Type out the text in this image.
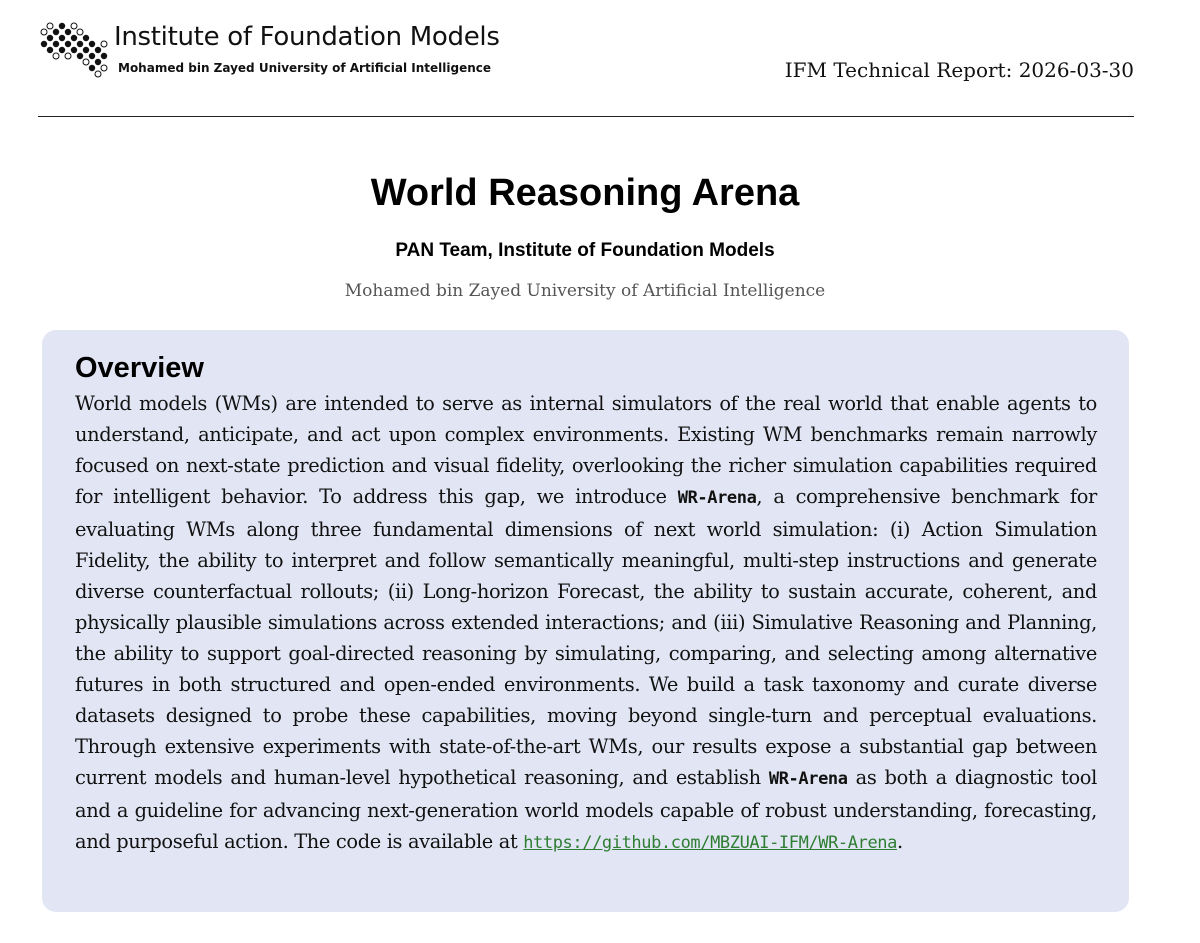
Institute of Foundation Models
Mohamed bin Zayed University of Artificial Intelligence	IFM Technical Report: 2026-03-30
World Reasoning Arena
PAN Team, Institute of Foundation Models
Mohamed bin Zayed University of Artificial Intelligence
Overview

World models (WMs) are intended to serve as internal simulators of the real world that enable agents to understand, anticipate, and act upon complex environments. Existing WM benchmarks remain narrowly focused on next-state prediction and visual fidelity, overlooking the richer simulation capabilities required for intelligent behavior. To address this gap, we introduce WR-Arena, a comprehensive benchmark for evaluating WMs along three fundamental dimensions of next world simulation: (i) Action Simulation Fidelity, the ability to interpret and follow semantically meaningful, multi-step instructions and generate diverse counterfactual rollouts; (ii) Long-horizon Forecast, the ability to sustain accurate, coherent, and physically plausible simulations across extended interactions; and (iii) Simulative Reasoning and Planning, the ability to support goal-directed reasoning by simulating, comparing, and selecting among alternative futures in both structured and open-ended environments. We build a task taxonomy and curate diverse datasets designed to probe these capabilities, moving beyond single-turn and perceptual evaluations. Through extensive experiments with state-of-the-art WMs, our results expose a substantial gap between current models and human-level hypothetical reasoning, and establish WR-Arena as both a diagnostic tool and a guideline for advancing next-generation world models capable of robust understanding, forecasting, and purposeful action. The code is available at https://github.com/MBZUAI-IFM/WR-Arena.
